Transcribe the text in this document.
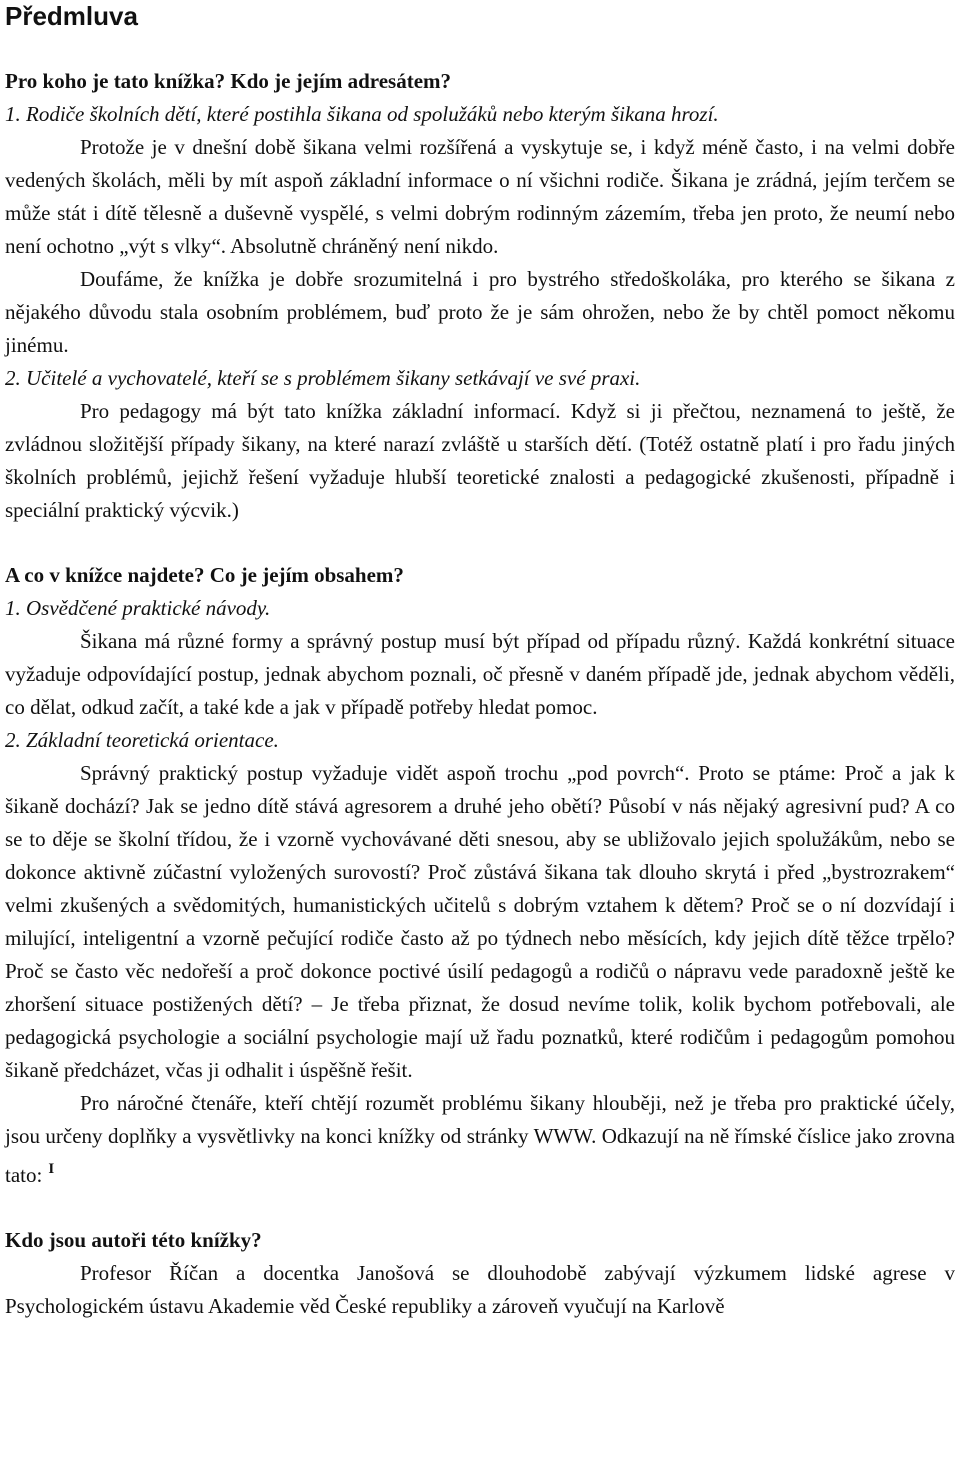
Předmluva
Pro koho je tato knížka? Kdo je jejím adresátem?
1. Rodiče školních dětí, které postihla šikana od spolužáků nebo kterým šikana hrozí.

Protože je v dnešní době šikana velmi rozšířená a vyskytuje se, i když méně často, i na velmi dobře vedených školách, měli by mít aspoň základní informace o ní všichni rodiče. Šikana je zrádná, jejím terčem se může stát i dítě tělesně a duševně vyspělé, s velmi dobrým rodinným zázemím, třeba jen proto, že neumí nebo není ochotno „výt s vlky“. Absolutně chráněný není nikdo.

Doufáme, že knížka je dobře srozumitelná i pro bystrého středoškoláka, pro kterého se šikana z nějakého důvodu stala osobním problémem, buď proto že je sám ohrožen, nebo že by chtěl pomoct někomu jinému.

2. Učitelé a vychovatelé, kteří se s problémem šikany setkávají ve své praxi.

Pro pedagogy má být tato knížka základní informací. Když si ji přečtou, neznamená to ještě, že zvládnou složitější případy šikany, na které narazí zvláště u starších dětí. (Totéž ostatně platí i pro řadu jiných školních problémů, jejichž řešení vyžaduje hlubší teoretické znalosti a pedagogické zkušenosti, případně i speciální praktický výcvik.)

A co v knížce najdete? Co je jejím obsahem?
1. Osvědčené praktické návody.

Šikana má různé formy a správný postup musí být případ od případu různý. Každá konkrétní situace vyžaduje odpovídající postup, jednak abychom poznali, oč přesně v daném případě jde, jednak abychom věděli, co dělat, odkud začít, a také kde a jak v případě potřeby hledat pomoc.

2. Základní teoretická orientace.

Správný praktický postup vyžaduje vidět aspoň trochu „pod povrch“. Proto se ptáme: Proč a jak k šikaně dochází? Jak se jedno dítě stává agresorem a druhé jeho obětí? Působí v nás nějaký agresivní pud? A co se to děje se školní třídou, že i vzorně vychovávané děti snesou, aby se ubližovalo jejich spolužákům, nebo se dokonce aktivně zúčastní vyložených surovostí? Proč zůstává šikana tak dlouho skrytá i před „bystrozrakem“ velmi zkušených a svědomitých, humanistických učitelů s dobrým vztahem k dětem? Proč se o ní dozvídají i milující, inteligentní a vzorně pečující rodiče často až po týdnech nebo měsících, kdy jejich dítě těžce trpělo? Proč se často věc nedořeší a proč dokonce poctivé úsilí pedagogů a rodičů o nápravu vede paradoxně ještě ke zhoršení situace postižených dětí? – Je třeba přiznat, že dosud nevíme tolik, kolik bychom potřebovali, ale pedagogická psychologie a sociální psychologie mají už řadu poznatků, které rodičům i pedagogům pomohou šikaně předcházet, včas ji odhalit i úspěšně řešit.

Pro náročné čtenáře, kteří chtějí rozumět problému šikany hlouběji, než je třeba pro praktické účely, jsou určeny doplňky a vysvětlivky na konci knížky od stránky WWW. Odkazují na ně římské číslice jako zrovna tato: $^I$

Kdo jsou autoři této knížky?

Profesor Říčan a docentka Janošová se dlouhodobě zabývají výzkumem lidské agrese v Psychologickém ústavu Akademie věd České republiky a zároveň vyučují na Karlově
